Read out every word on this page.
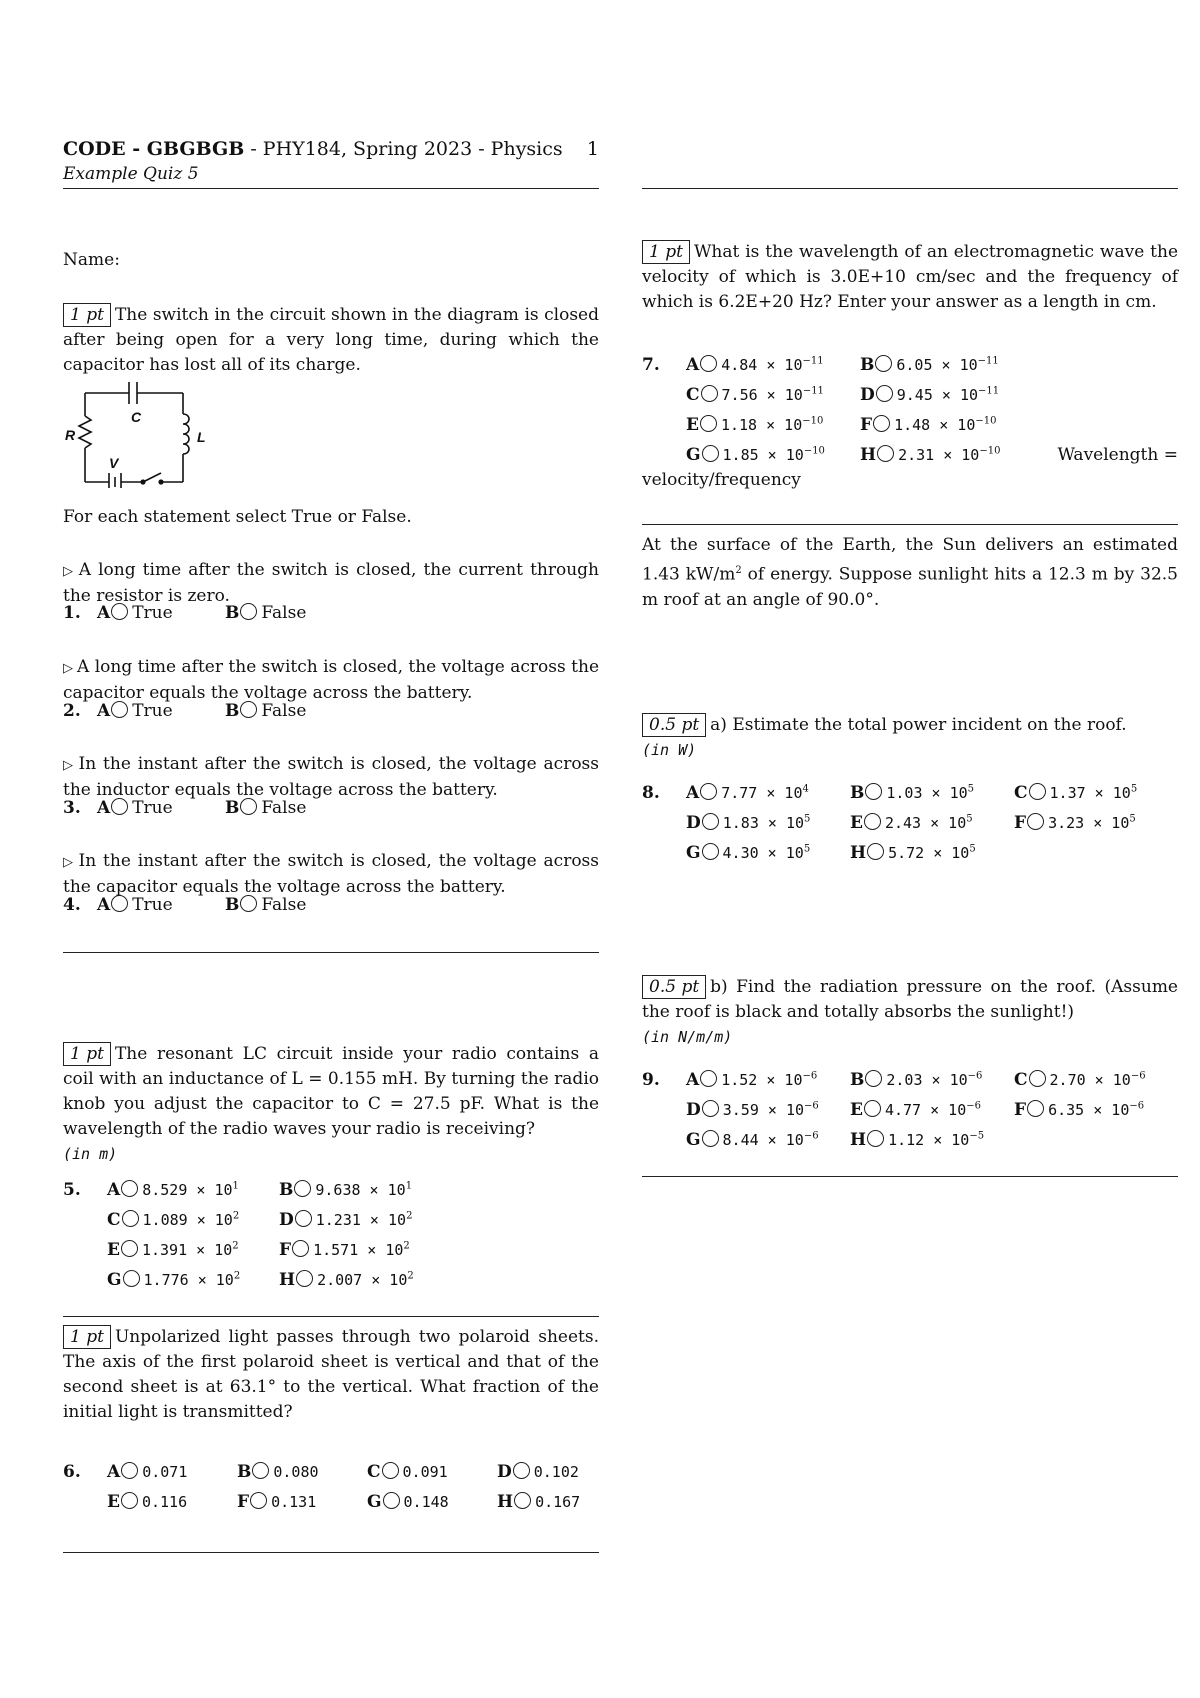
CODE - GBGBGB - PHY184, Spring 2023 - Physics 1
Example Quiz 5
Name:
1 pt The switch in the circuit shown in the diagram is closed after being open for a very long time, during which the capacitor has lost all of its charge.
C
R	L
V
For each statement select True or False.
▷ A long time after the switch is closed, the current through the resistor is zero.
1. A True	B False
▷ A long time after the switch is closed, the voltage across the capacitor equals the voltage across the battery.
2. A True	B False
▷ In the instant after the switch is closed, the voltage across the inductor equals the voltage across the battery.
3. A True	B False
▷ In the instant after the switch is closed, the voltage across the capacitor equals the voltage across the battery.
4. A True	B False
1 pt The resonant LC circuit inside your radio contains a coil with an inductance of L = 0.155 mH. By turning the radio knob you adjust the capacitor to C = 27.5 pF. What is the wavelength of the radio waves your radio is receiving?
(in m)
5. A $8.529 \times 10^1$ B $9.638 \times 10^1$
C $1.089 \times 10^2$ D $1.231 \times 10^2$
E $1.391 \times 10^2$ F $1.571 \times 10^2$
G $1.776 \times 10^2$ H $2.007 \times 10^2$
1 pt Unpolarized light passes through two polaroid sheets. The axis of the first polaroid sheet is vertical and that of the second sheet is at 63.1° to the vertical. What fraction of the initial light is transmitted?
6. A 0.071	B 0.080	C 0.091	D 0.102
E 0.116	F 0.131	G 0.148	H 0.167
1 pt What is the wavelength of an electromagnetic wave the velocity of which is 3.0E+10 cm/sec and the frequency of which is 6.2E+20 Hz? Enter your answer as a length in cm.
7. A $4.84 \times 10^{-11}$ B $6.05 \times 10^{-11}$
C $7.56 \times 10^{-11}$ D $9.45 \times 10^{-11}$
E $1.18 \times 10^{-10}$ F $1.48 \times 10^{-10}$
G $1.85 \times 10^{-10}$ H $2.31 \times 10^{-10}$	Wavelength =
velocity/frequency
At the surface of the Earth, the Sun delivers an estimated 1.43 $kW/m^2$ of energy. Suppose sunlight hits a 12.3 m by 32.5 m roof at an angle of 90.0°.
0.5 pt a) Estimate the total power incident on the roof.
(in W)
8. A $7.77 \times 10^4$ B $1.03 \times 10^5$ C $1.37 \times 10^5$
D $1.83 \times 10^5$ E $2.43 \times 10^5$ F $3.23 \times 10^5$
G $4.30 \times 10^5$ H $5.72 \times 10^5$
0.5 pt b) Find the radiation pressure on the roof. (Assume the roof is black and totally absorbs the sunlight!)
(in N/m/m)
9. A $1.52 \times 10^{-6}$ B $2.03 \times 10^{-6}$ C $2.70 \times 10^{-6}$
D $3.59 \times 10^{-6}$ E $4.77 \times 10^{-6}$ F $6.35 \times 10^{-6}$
G $8.44 \times 10^{-6}$ H $1.12 \times 10^{-5}$
